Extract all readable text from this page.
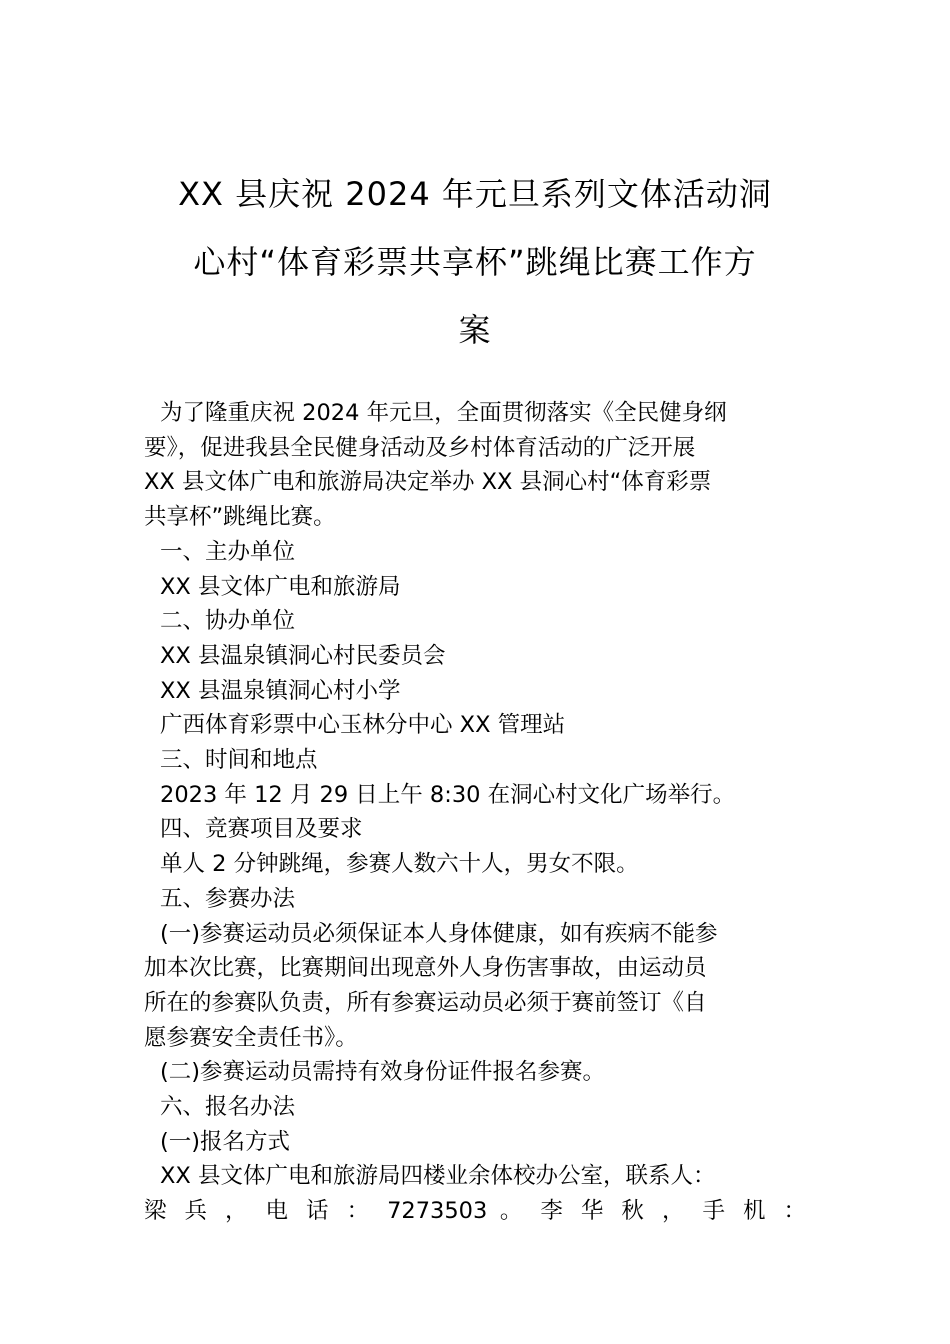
XX 县庆祝 2024 年元旦系列文体活动洞
心村“体育彩票共享杯”跳绳比赛工作方
案
为了隆重庆祝 2024 年元旦，全面贯彻落实《全民健身纲
要》，促进我县全民健身活动及乡村体育活动的广泛开展
XX 县文体广电和旅游局决定举办 XX 县洞心村“体育彩票
共享杯”跳绳比赛。
一、主办单位
XX 县文体广电和旅游局
二、协办单位
XX 县温泉镇洞心村民委员会
XX 县温泉镇洞心村小学
广西体育彩票中心玉林分中心 XX 管理站
三、时间和地点
2023 年 12 月 29 日上午 8:30 在洞心村文化广场举行。
四、竞赛项目及要求
单人 2 分钟跳绳，参赛人数六十人，男女不限。
五、参赛办法
(一)参赛运动员必须保证本人身体健康，如有疾病不能参
加本次比赛，比赛期间出现意外人身伤害事故，由运动员
所在的参赛队负责，所有参赛运动员必须于赛前签订《自
愿参赛安全责任书》。
(二)参赛运动员需持有效身份证件报名参赛。
六、报名办法
(一)报名方式
XX 县文体广电和旅游局四楼业余体校办公室，联系人：
梁 兵 ， 电 话 ： 7273503 。 李 华 秋 ， 手 机 ：
